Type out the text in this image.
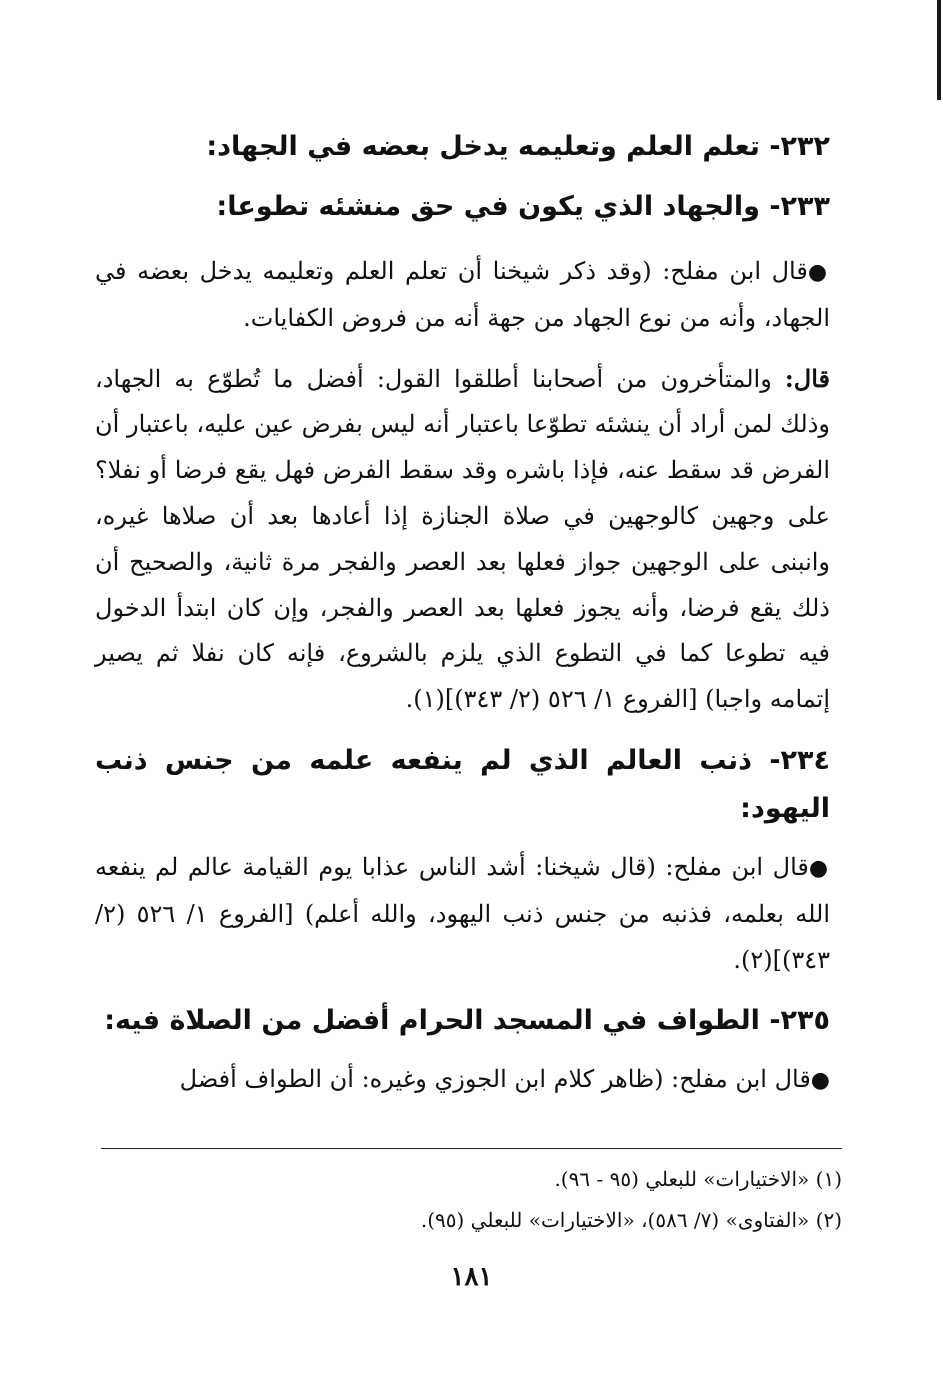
٢٣٢- تعلم العلم وتعليمه يدخل بعضه في الجهاد:
٢٣٣- والجهاد الذي يكون في حق منشئه تطوعا:

●قال ابن مفلح: (وقد ذكر شيخنا أن تعلم العلم وتعليمه يدخل بعضه في الجهاد، وأنه من نوع الجهاد من جهة أنه من فروض الكفايات.

قال: والمتأخرون من أصحابنا أطلقوا القول: أفضل ما تُطوّع به الجهاد، وذلك لمن أراد أن ينشئه تطوّعا باعتبار أنه ليس بفرض عين عليه، باعتبار أن الفرض قد سقط عنه، فإذا باشره وقد سقط الفرض فهل يقع فرضا أو نفلا؟ على وجهين كالوجهين في صلاة الجنازة إذا أعادها بعد أن صلاها غيره، وانبنى على الوجهين جواز فعلها بعد العصر والفجر مرة ثانية، والصحيح أن ذلك يقع فرضا، وأنه يجوز فعلها بعد العصر والفجر، وإن كان ابتدأ الدخول فيه تطوعا كما في التطوع الذي يلزم بالشروع، فإنه كان نفلا ثم يصير إتمامه واجبا) [الفروع ١/ ٥٢٦ (٢/ ٣٤٣)](١).

٢٣٤- ذنب العالم الذي لم ينفعه علمه من جنس ذنب اليهود:

●قال ابن مفلح: (قال شيخنا: أشد الناس عذابا يوم القيامة عالم لم ينفعه الله بعلمه، فذنبه من جنس ذنب اليهود، والله أعلم) [الفروع ١/ ٥٢٦ (٢/ ٣٤٣)](٢).

٢٣٥- الطواف في المسجد الحرام أفضل من الصلاة فيه:

●قال ابن مفلح: (ظاهر كلام ابن الجوزي وغيره: أن الطواف أفضل

(١) «الاختيارات» للبعلي (٩٥ - ٩٦).
(٢) «الفتاوى» (٧/ ٥٨٦)، «الاختيارات» للبعلي (٩٥).
١٨١
